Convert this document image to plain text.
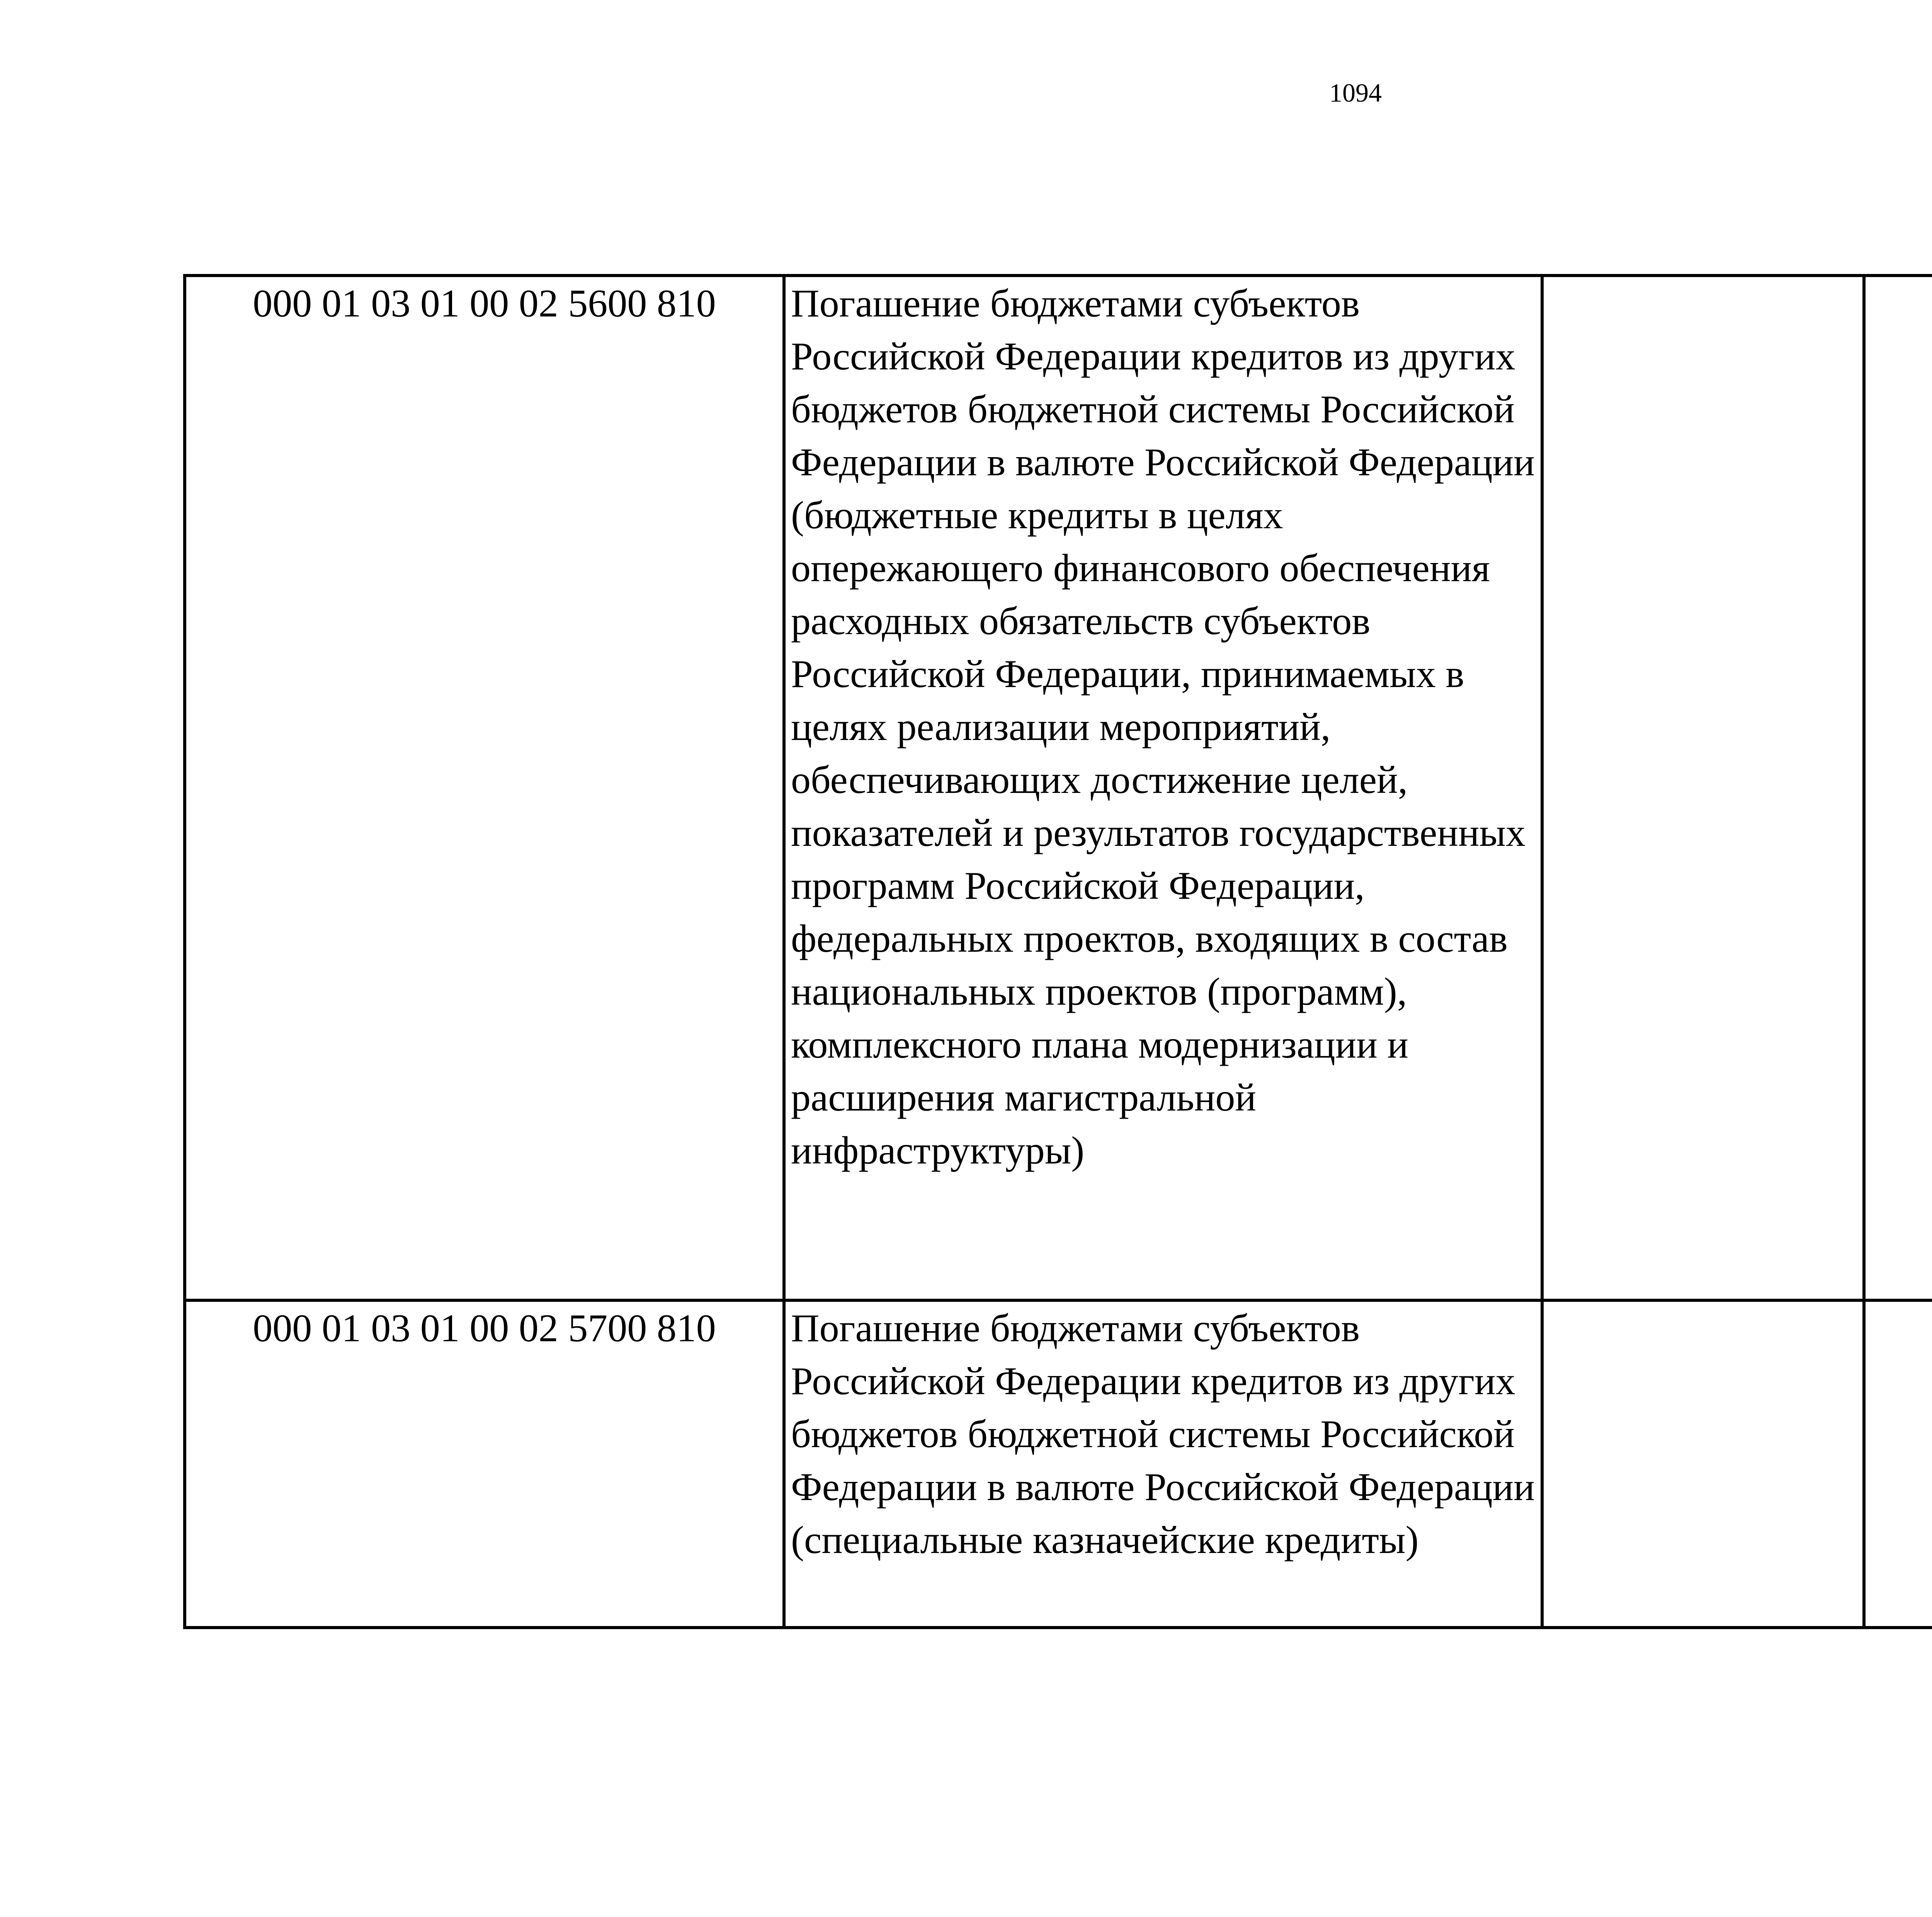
1094
000 01 03 01 00 02 5600 810	Погашение бюджетами субъектов Российской Федерации кредитов из других бюджетов бюджетной системы Российской Федерации в валюте Российской Федерации (бюджетные кредиты в целях опережающего финансового обеспечения расходных обязательств субъектов Российской Федерации, принимаемых в целях реализации мероприятий, обеспечивающих достижение целей, показателей и результатов государственных программ Российской Федерации, федеральных проектов, входящих в состав национальных проектов (программ), комплексного плана модернизации и расширения магистральной инфраструктуры)			
000 01 03 01 00 02 5700 810	Погашение бюджетами субъектов Российской Федерации кредитов из других бюджетов бюджетной системы Российской Федерации в валюте Российской Федерации (специальные казначейские кредиты)			
